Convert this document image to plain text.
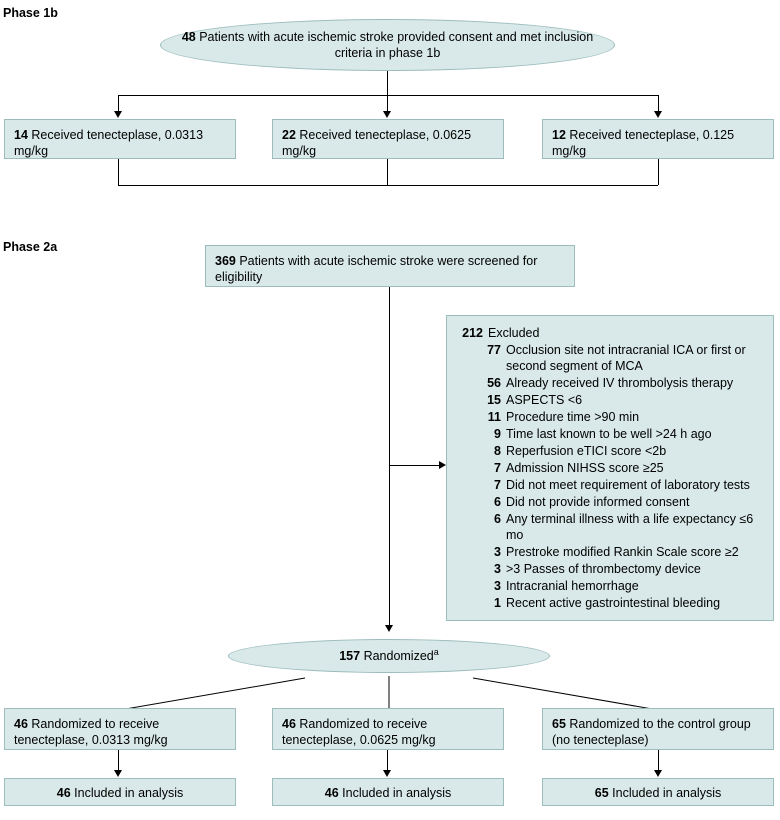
Phase 1b
48 Patients with acute ischemic stroke provided consent and met inclusion criteria in phase 1b
14 Received tenecteplase, 0.0313 mg/kg
22 Received tenecteplase, 0.0625 mg/kg
12 Received tenecteplase, 0.125 mg/kg
Phase 2a
369 Patients with acute ischemic stroke were screened for eligibility
212 Excluded
77 Occlusion site not intracranial ICA or first or second segment of MCA
56 Already received IV thrombolysis therapy
15 ASPECTS <6
11 Procedure time >90 min
9 Time last known to be well >24 h ago
8 Reperfusion eTICI score <2b
7 Admission NIHSS score ≥25
7 Did not meet requirement of laboratory tests
6 Did not provide informed consent
6 Any terminal illness with a life expectancy ≤6 mo
3 Prestroke modified Rankin Scale score ≥2
3 >3 Passes of thrombectomy device
3 Intracranial hemorrhage
1 Recent active gastrointestinal bleeding
157 Randomized$^a$
46 Randomized to receive tenecteplase, 0.0313 mg/kg
46 Randomized to receive tenecteplase, 0.0625 mg/kg
65 Randomized to the control group (no tenecteplase)
46 Included in analysis	46 Included in analysis	65 Included in analysis
